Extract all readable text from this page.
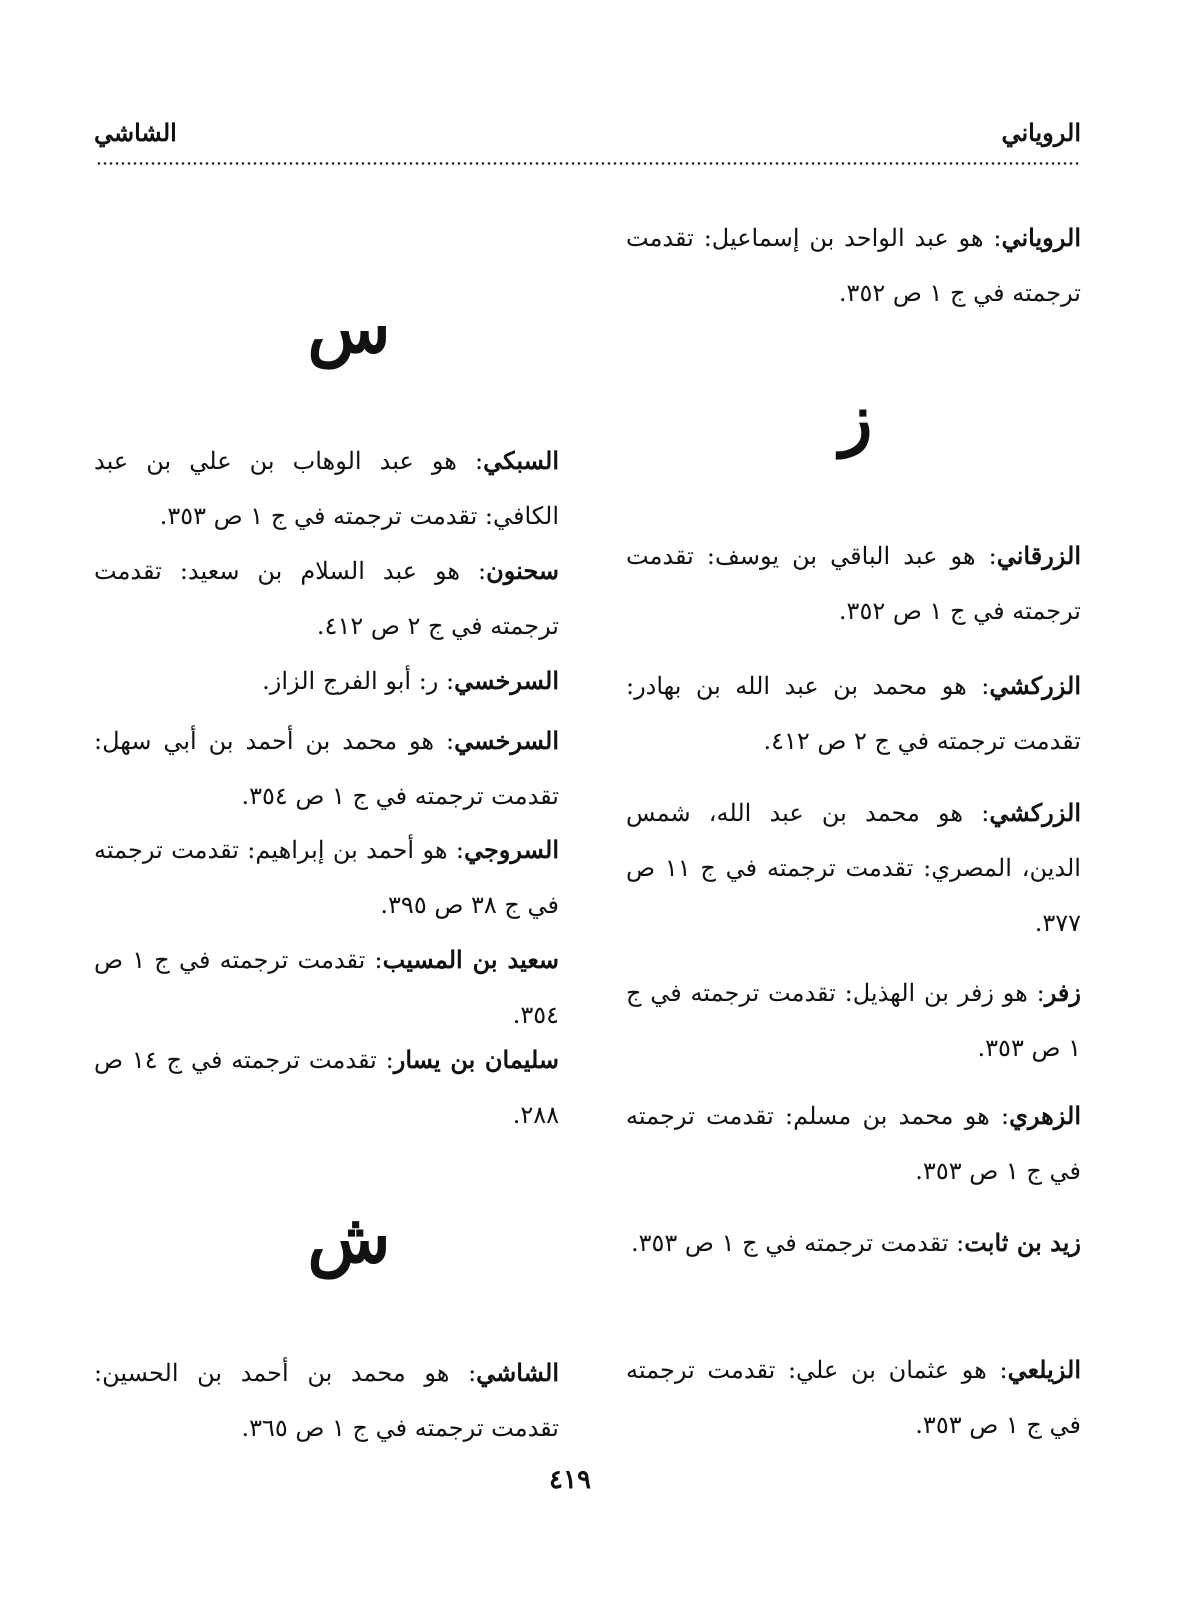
الروياني
الشاشي

الروياني: هو عبد الواحد بن إسماعيل: تقدمت ترجمته في ج ١ ص ٣٥٢.

ز

الزرقاني: هو عبد الباقي بن يوسف: تقدمت ترجمته في ج ١ ص ٣٥٢.

الزركشي: هو محمد بن عبد الله بن بهادر: تقدمت ترجمته في ج ٢ ص ٤١٢.

الزركشي: هو محمد بن عبد الله، شمس الدين، المصري: تقدمت ترجمته في ج ١١ ص ٣٧٧.

زفر: هو زفر بن الهذيل: تقدمت ترجمته في ج ١ ص ٣٥٣.

الزهري: هو محمد بن مسلم: تقدمت ترجمته في ج ١ ص ٣٥٣.

زيد بن ثابت: تقدمت ترجمته في ج ١ ص ٣٥٣.

الزيلعي: هو عثمان بن علي: تقدمت ترجمته في ج ١ ص ٣٥٣.

س

السبكي: هو عبد الوهاب بن علي بن عبد الكافي: تقدمت ترجمته في ج ١ ص ٣٥٣.

سحنون: هو عبد السلام بن سعيد: تقدمت ترجمته في ج ٢ ص ٤١٢.

السرخسي: ر: أبو الفرج الزاز.

السرخسي: هو محمد بن أحمد بن أبي سهل: تقدمت ترجمته في ج ١ ص ٣٥٤.

السروجي: هو أحمد بن إبراهيم: تقدمت ترجمته في ج ٣٨ ص ٣٩٥.

سعيد بن المسيب: تقدمت ترجمته في ج ١ ص ٣٥٤.

سليمان بن يسار: تقدمت ترجمته في ج ١٤ ص ٢٨٨.

ش

الشاشي: هو محمد بن أحمد بن الحسين: تقدمت ترجمته في ج ١ ص ٣٦٥.

٤١٩
